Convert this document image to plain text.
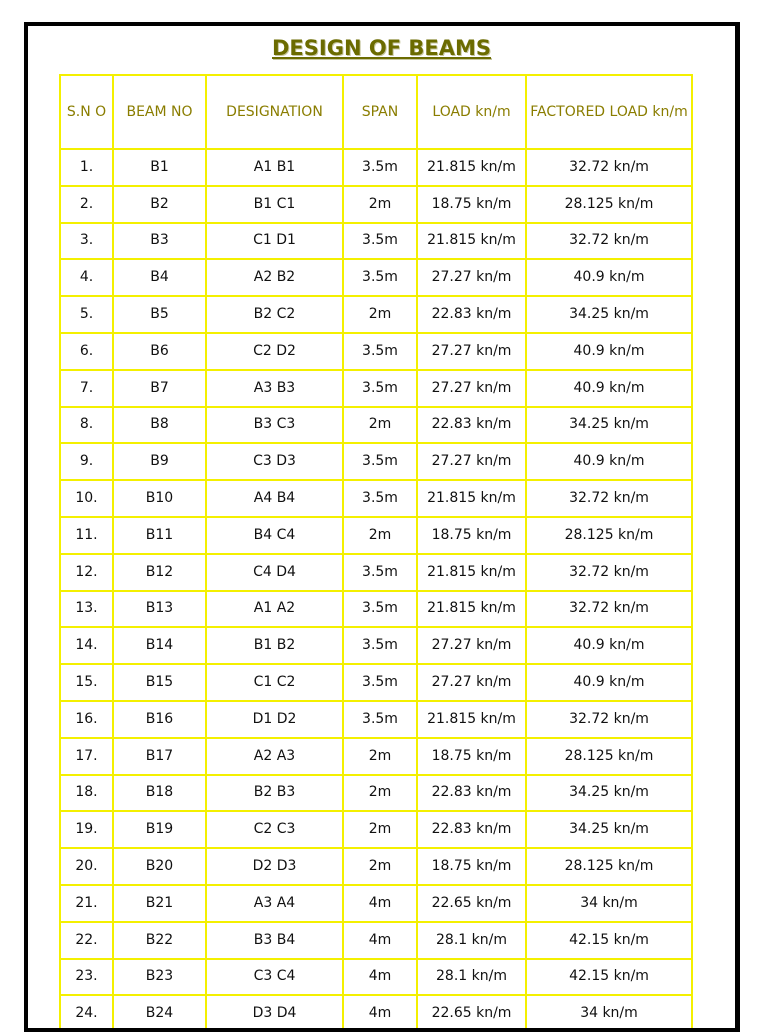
DESIGN OF BEAMS
S.N O	BEAM NO	DESIGNATION	SPAN	LOAD kn/m	FACTORED LOAD kn/m
1.	B1	A1 B1	3.5m	21.815 kn/m	32.72 kn/m
2.	B2	B1 C1	2m	18.75 kn/m	28.125 kn/m
3.	B3	C1 D1	3.5m	21.815 kn/m	32.72 kn/m
4.	B4	A2 B2	3.5m	27.27 kn/m	40.9 kn/m
5.	B5	B2 C2	2m	22.83 kn/m	34.25 kn/m
6.	B6	C2 D2	3.5m	27.27 kn/m	40.9 kn/m
7.	B7	A3 B3	3.5m	27.27 kn/m	40.9 kn/m
8.	B8	B3 C3	2m	22.83 kn/m	34.25 kn/m
9.	B9	C3 D3	3.5m	27.27 kn/m	40.9 kn/m
10.	B10	A4 B4	3.5m	21.815 kn/m	32.72 kn/m
11.	B11	B4 C4	2m	18.75 kn/m	28.125 kn/m
12.	B12	C4 D4	3.5m	21.815 kn/m	32.72 kn/m
13.	B13	A1 A2	3.5m	21.815 kn/m	32.72 kn/m
14.	B14	B1 B2	3.5m	27.27 kn/m	40.9 kn/m
15.	B15	C1 C2	3.5m	27.27 kn/m	40.9 kn/m
16.	B16	D1 D2	3.5m	21.815 kn/m	32.72 kn/m
17.	B17	A2 A3	2m	18.75 kn/m	28.125 kn/m
18.	B18	B2 B3	2m	22.83 kn/m	34.25 kn/m
19.	B19	C2 C3	2m	22.83 kn/m	34.25 kn/m
20.	B20	D2 D3	2m	18.75 kn/m	28.125 kn/m
21.	B21	A3 A4	4m	22.65 kn/m	34 kn/m
22.	B22	B3 B4	4m	28.1 kn/m	42.15 kn/m
23.	B23	C3 C4	4m	28.1 kn/m	42.15 kn/m
24.	B24	D3 D4	4m	22.65 kn/m	34 kn/m
